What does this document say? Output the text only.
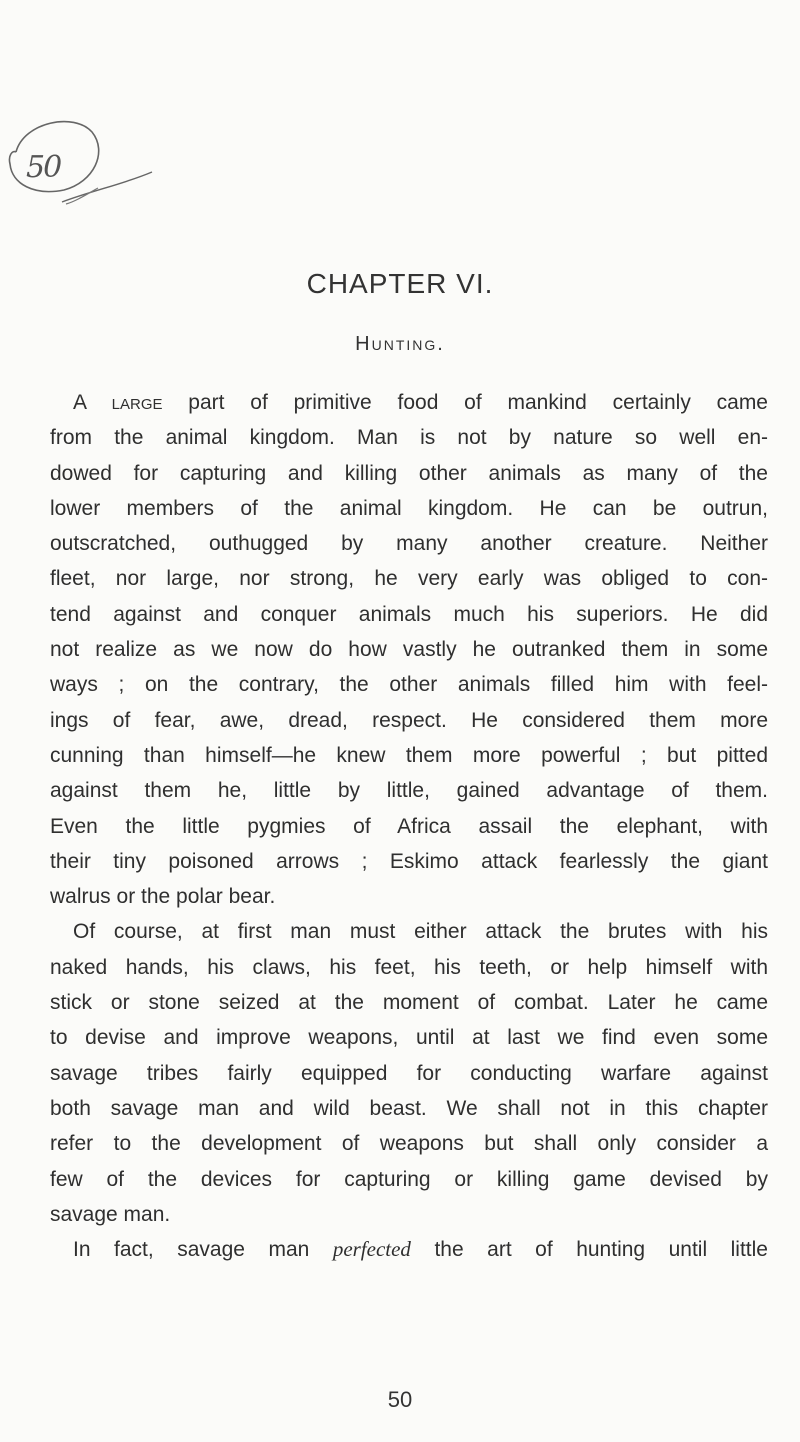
50
CHAPTER VI.
Hunting.
A large part of primitive food of mankind certainly came
from the animal kingdom. Man is not by nature so well en-
dowed for capturing and killing other animals as many of the
lower members of the animal kingdom. He can be outrun,
outscratched, outhugged by many another creature. Neither
fleet, nor large, nor strong, he very early was obliged to con-
tend against and conquer animals much his superiors. He did
not realize as we now do how vastly he outranked them in some
ways ; on the contrary, the other animals filled him with feel-
ings of fear, awe, dread, respect. He considered them more
cunning than himself—he knew them more powerful ; but pitted
against them he, little by little, gained advantage of them.
Even the little pygmies of Africa assail the elephant, with
their tiny poisoned arrows ; Eskimo attack fearlessly the giant
walrus or the polar bear.
Of course, at first man must either attack the brutes with his
naked hands, his claws, his feet, his teeth, or help himself with
stick or stone seized at the moment of combat. Later he came
to devise and improve weapons, until at last we find even some
savage tribes fairly equipped for conducting warfare against
both savage man and wild beast. We shall not in this chapter
refer to the development of weapons but shall only consider a
few of the devices for capturing or killing game devised by
savage man.
In fact, savage man perfected the art of hunting until little
50
